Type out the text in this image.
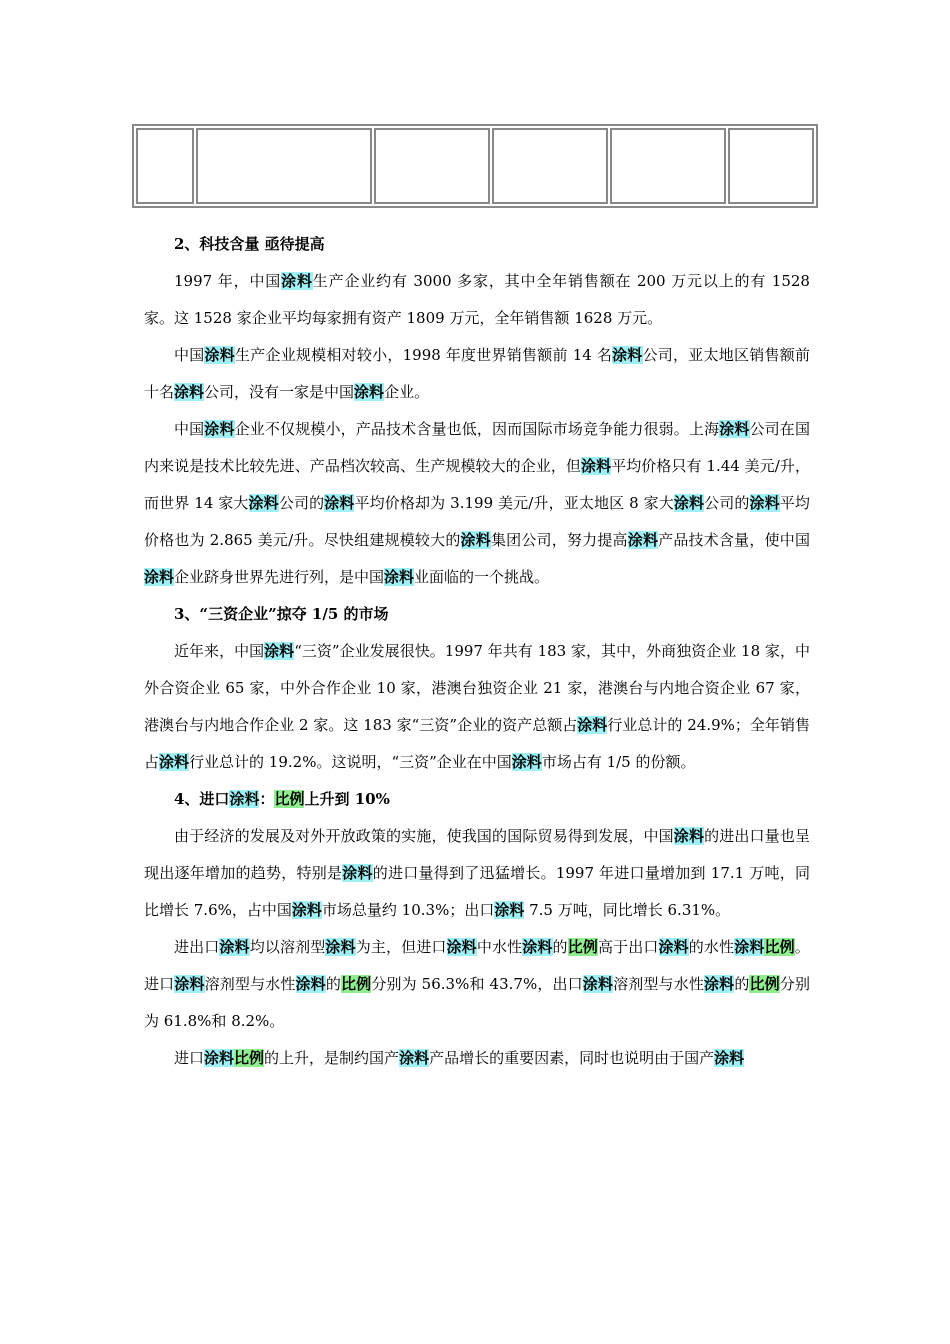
2、科技含量 亟待提高

1997 年，中国涂料生产企业约有 3000 多家，其中全年销售额在 200 万元以上的有 1528 家。这 1528 家企业平均每家拥有资产 1809 万元，全年销售额 1628 万元。

中国涂料生产企业规模相对较小，1998 年度世界销售额前 14 名涂料公司，亚太地区销售额前十名涂料公司，没有一家是中国涂料企业。

中国涂料企业不仅规模小，产品技术含量也低，因而国际市场竞争能力很弱。上海涂料公司在国内来说是技术比较先进、产品档次较高、生产规模较大的企业，但涂料平均价格只有 1.44 美元/升，而世界 14 家大涂料公司的涂料平均价格却为 3.199 美元/升，亚太地区 8 家大涂料公司的涂料平均价格也为 2.865 美元/升。尽快组建规模较大的涂料集团公司，努力提高涂料产品技术含量，使中国涂料企业跻身世界先进行列，是中国涂料业面临的一个挑战。

3、“三资企业”掠夺 1/5 的市场

近年来，中国涂料“三资”企业发展很快。1997 年共有 183 家，其中，外商独资企业 18 家，中外合资企业 65 家，中外合作企业 10 家，港澳台独资企业 21 家，港澳台与内地合资企业 67 家，港澳台与内地合作企业 2 家。这 183 家“三资”企业的资产总额占涂料行业总计的 24.9%；全年销售占涂料行业总计的 19.2%。这说明，“三资”企业在中国涂料市场占有 1/5 的份额。

4、进口涂料：比例上升到 10%

由于经济的发展及对外开放政策的实施，使我国的国际贸易得到发展，中国涂料的进出口量也呈现出逐年增加的趋势，特别是涂料的进口量得到了迅猛增长。1997 年进口量增加到 17.1 万吨，同比增长 7.6%，占中国涂料市场总量约 10.3%；出口涂料 7.5 万吨，同比增长 6.31%。

进出口涂料均以溶剂型涂料为主，但进口涂料中水性涂料的比例高于出口涂料的水性涂料比例。进口涂料溶剂型与水性涂料的比例分别为 56.3%和 43.7%，出口涂料溶剂型与水性涂料的比例分别为 61.8%和 8.2%。

进口涂料比例的上升，是制约国产涂料产品增长的重要因素，同时也说明由于国产涂料
